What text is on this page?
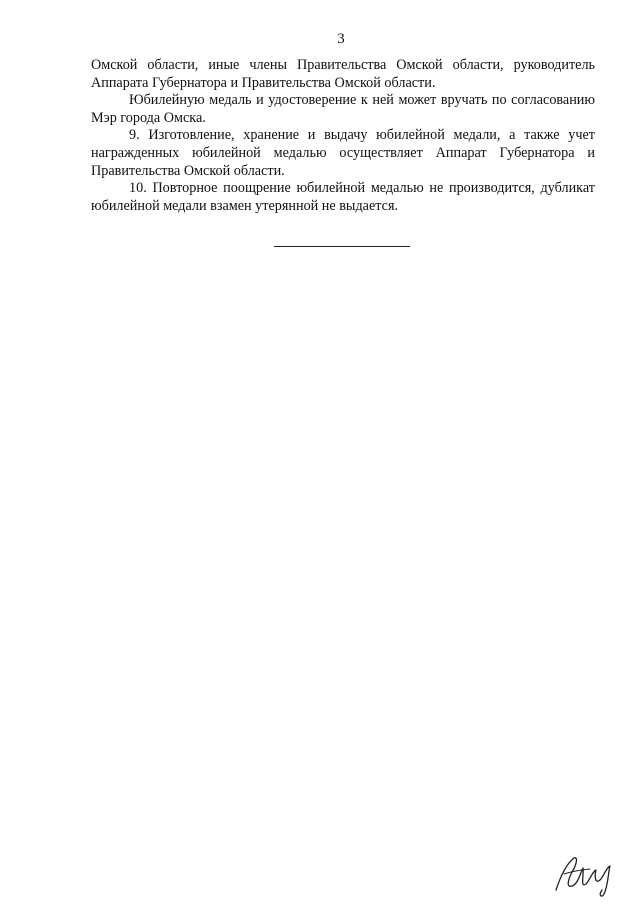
3

Омской области, иные члены Правительства Омской области, руководитель Аппарата Губернатора и Правительства Омской области.

Юбилейную медаль и удостоверение к ней может вручать по согласованию Мэр города Омска.

9. Изготовление, хранение и выдачу юбилейной медали, а также учет награжденных юбилейной медалью осуществляет Аппарат Губернатора и Правительства Омской области.

10. Повторное поощрение юбилейной медалью не производится, дубликат юбилейной медали взамен утерянной не выдается.
